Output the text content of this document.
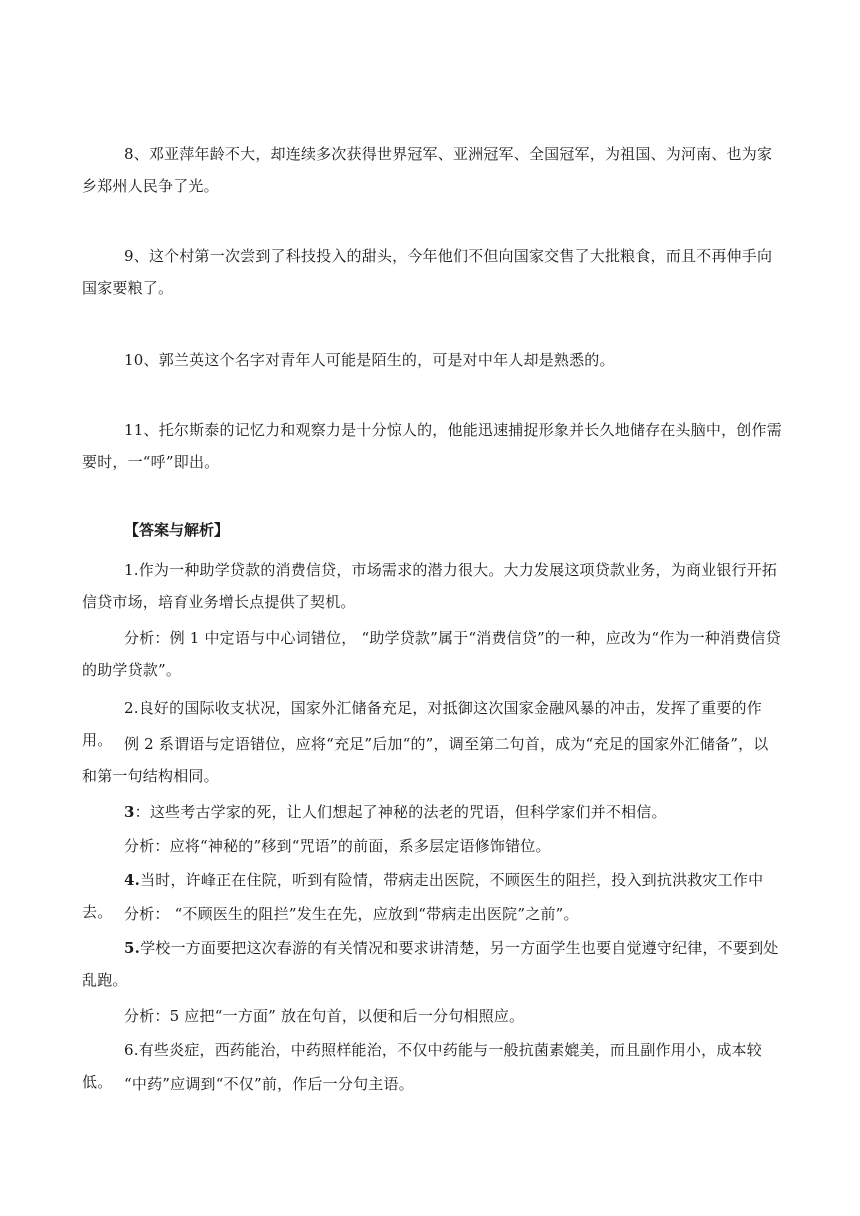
8、邓亚萍年龄不大，却连续多次获得世界冠军、亚洲冠军、全国冠军，为祖国、为河南、也为家乡郑州人民争了光。

9、这个村第一次尝到了科技投入的甜头，今年他们不但向国家交售了大批粮食，而且不再伸手向国家要粮了。

10、郭兰英这个名字对青年人可能是陌生的，可是对中年人却是熟悉的。

11、托尔斯泰的记忆力和观察力是十分惊人的，他能迅速捕捉形象并长久地储存在头脑中，创作需要时，一“呼”即出。

【答案与解析】

1.作为一种助学贷款的消费信贷，市场需求的潜力很大。大力发展这项贷款业务，为商业银行开拓信贷市场，培育业务增长点提供了契机。

分析：例 1 中定语与中心词错位， “助学贷款”属于“消费信贷”的一种，应改为“作为一种消费信贷的助学贷款”。

2.良好的国际收支状况，国家外汇储备充足，对抵御这次国家金融风暴的冲击，发挥了重要的作用。 例 2 系谓语与定语错位，应将“充足”后加“的”，调至第二句首，成为“充足的国家外汇储备”，以和第一句结构相同。

3：这些考古学家的死，让人们想起了神秘的法老的咒语，但科学家们并不相信。

分析：应将“神秘的”移到“咒语”的前面，系多层定语修饰错位。

4.当时，许峰正在住院，听到有险情，带病走出医院，不顾医生的阻拦，投入到抗洪救灾工作中去。 分析： “不顾医生的阻拦”发生在先，应放到“带病走出医院”之前”。

5.学校一方面要把这次春游的有关情况和要求讲清楚，另一方面学生也要自觉遵守纪律，不要到处乱跑。

分析：5 应把“一方面” 放在句首，以便和后一分句相照应。

6.有些炎症，西药能治，中药照样能治，不仅中药能与一般抗菌素媲美，而且副作用小，成本较低。 “中药”应调到“不仅”前，作后一分句主语。
